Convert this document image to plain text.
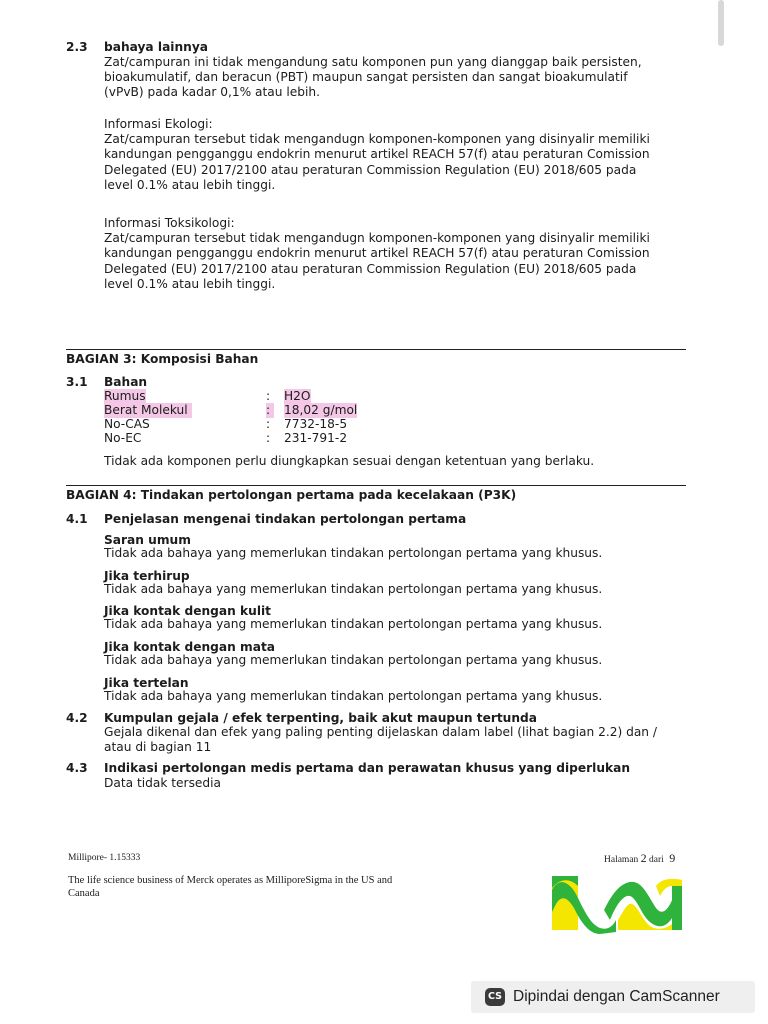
2.3	bahaya lainnya

Zat/campuran ini tidak mengandung satu komponen pun yang dianggap baik persisten,

bioakumulatif, dan beracun (PBT) maupun sangat persisten dan sangat bioakumulatif

(vPvB) pada kadar 0,1% atau lebih.

Informasi Ekologi:

Zat/campuran tersebut tidak mengandugn komponen-komponen yang disinyalir memiliki

kandungan pengganggu endokrin menurut artikel REACH 57(f) atau peraturan Comission

Delegated (EU) 2017/2100 atau peraturan Commission Regulation (EU) 2018/605 pada

level 0.1% atau lebih tinggi.

Informasi Toksikologi:

Zat/campuran tersebut tidak mengandugn komponen-komponen yang disinyalir memiliki

kandungan pengganggu endokrin menurut artikel REACH 57(f) atau peraturan Comission

Delegated (EU) 2017/2100 atau peraturan Commission Regulation (EU) 2018/605 pada

level 0.1% atau lebih tinggi.

BAGIAN 3: Komposisi Bahan
3.1	Bahan
Rumus	: H2O
Berat Molekul	:	18,02 g/mol
No-CAS	: 7732-18-5
No-EC	: 231-791-2
Tidak ada komponen perlu diungkapkan sesuai dengan ketentuan yang berlaku.
BAGIAN 4: Tindakan pertolongan pertama pada kecelakaan (P3K)
4.1	Penjelasan mengenai tindakan pertolongan pertama
Saran umum
Tidak ada bahaya yang memerlukan tindakan pertolongan pertama yang khusus.
Jika terhirup
Tidak ada bahaya yang memerlukan tindakan pertolongan pertama yang khusus.
Jika kontak dengan kulit
Tidak ada bahaya yang memerlukan tindakan pertolongan pertama yang khusus.
Jika kontak dengan mata
Tidak ada bahaya yang memerlukan tindakan pertolongan pertama yang khusus.
Jika tertelan
Tidak ada bahaya yang memerlukan tindakan pertolongan pertama yang khusus.
4.2	Kumpulan gejala / efek terpenting, baik akut maupun tertunda
Gejala dikenal dan efek yang paling penting dijelaskan dalam label (lihat bagian 2.2) dan /
atau di bagian 11
4.3	Indikasi pertolongan medis pertama dan perawatan khusus yang diperlukan
Data tidak tersedia
Millipore- 1.15333	Halaman 2 dari 9
The life science business of Merck operates as MilliporeSigma in the US and
Canada
CS Dipindai dengan CamScanner
